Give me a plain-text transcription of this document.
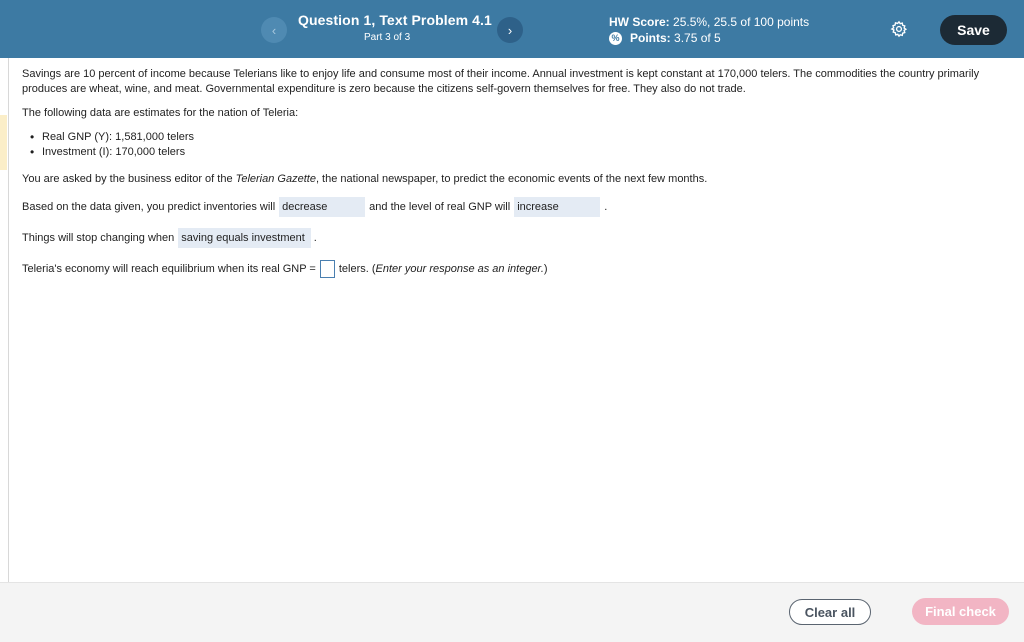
‹
Question 1, Text Problem 4.1
Part 3 of 3	›
HW Score: 25.5%, 25.5 of 100 points
% Points:
3.75 of 5	Save

Savings are 10 percent of income because Telerians like to enjoy life and consume most of their income. Annual investment is kept constant at 170,000 telers. The commodities the country primarily produces are wheat, wine, and meat. Governmental expenditure is zero because the citizens self-govern themselves for free. They also do not trade.

The following data are estimates for the nation of Teleria:

• Real GNP (Y): 1,581,000 telers
• Investment (I): 170,000 telers

You are asked by the business editor of the Telerian Gazette, the national newspaper, to predict the economic events of the next few months.

Based on the data given, you predict inventories will decrease	and the level of real GNP will increase	.
Things will stop changing when saving equals investment .
Teleria's economy will reach equilibrium when its real GNP = telers. ( Enter your response as an integer. )
Clear all	Final check
